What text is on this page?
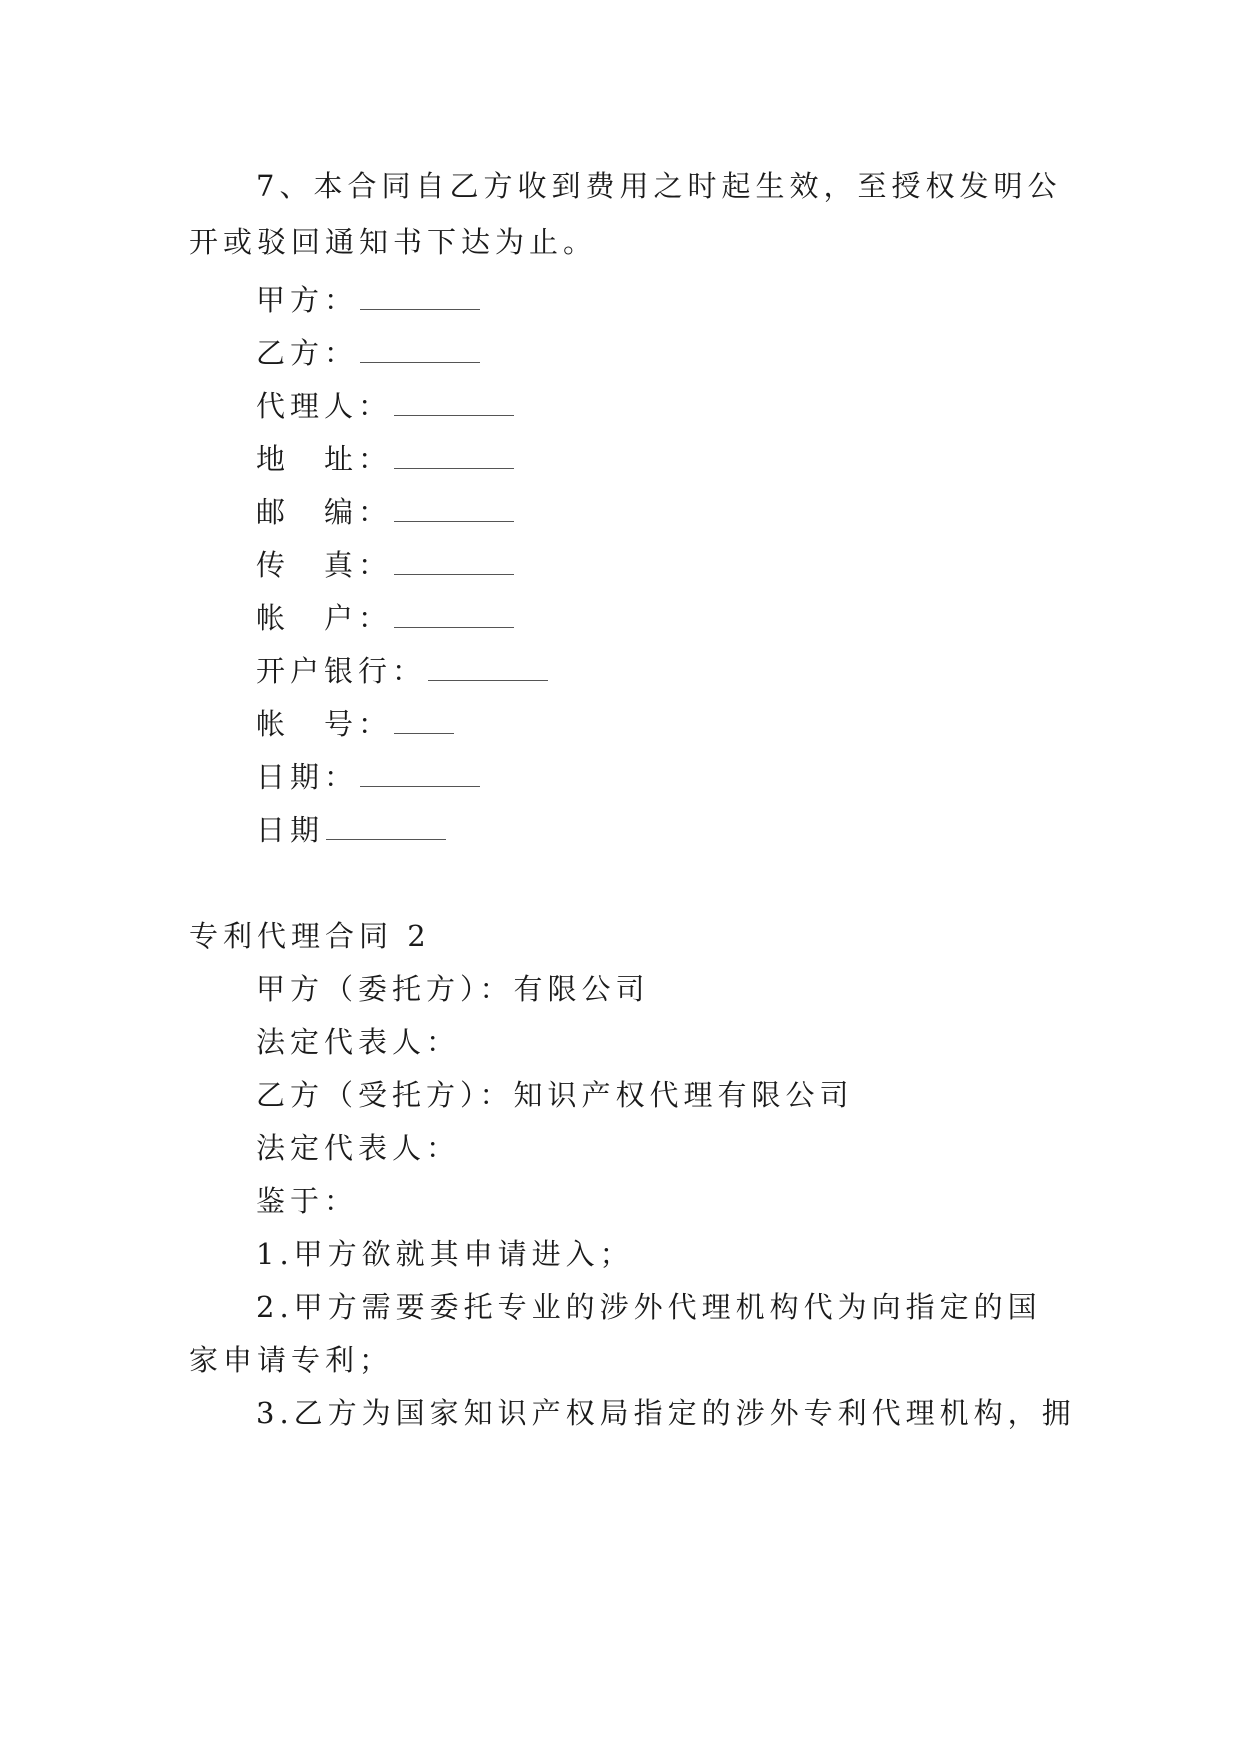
7、本合同自乙方收到费用之时起生效，至授权发明公
开或驳回通知书下达为止。
甲方：
乙方：
代理人：
地　址：
邮　编：
传　真：
帐　户：
开户银行：
帐　号：
日期：
日期
专利代理合同 2
甲方（委托方）：有限公司
法定代表人：
乙方（受托方）：知识产权代理有限公司
法定代表人：
鉴于：
1.甲方欲就其申请进入；
2.甲方需要委托专业的涉外代理机构代为向指定的国
家申请专利；
3.乙方为国家知识产权局指定的涉外专利代理机构，拥
